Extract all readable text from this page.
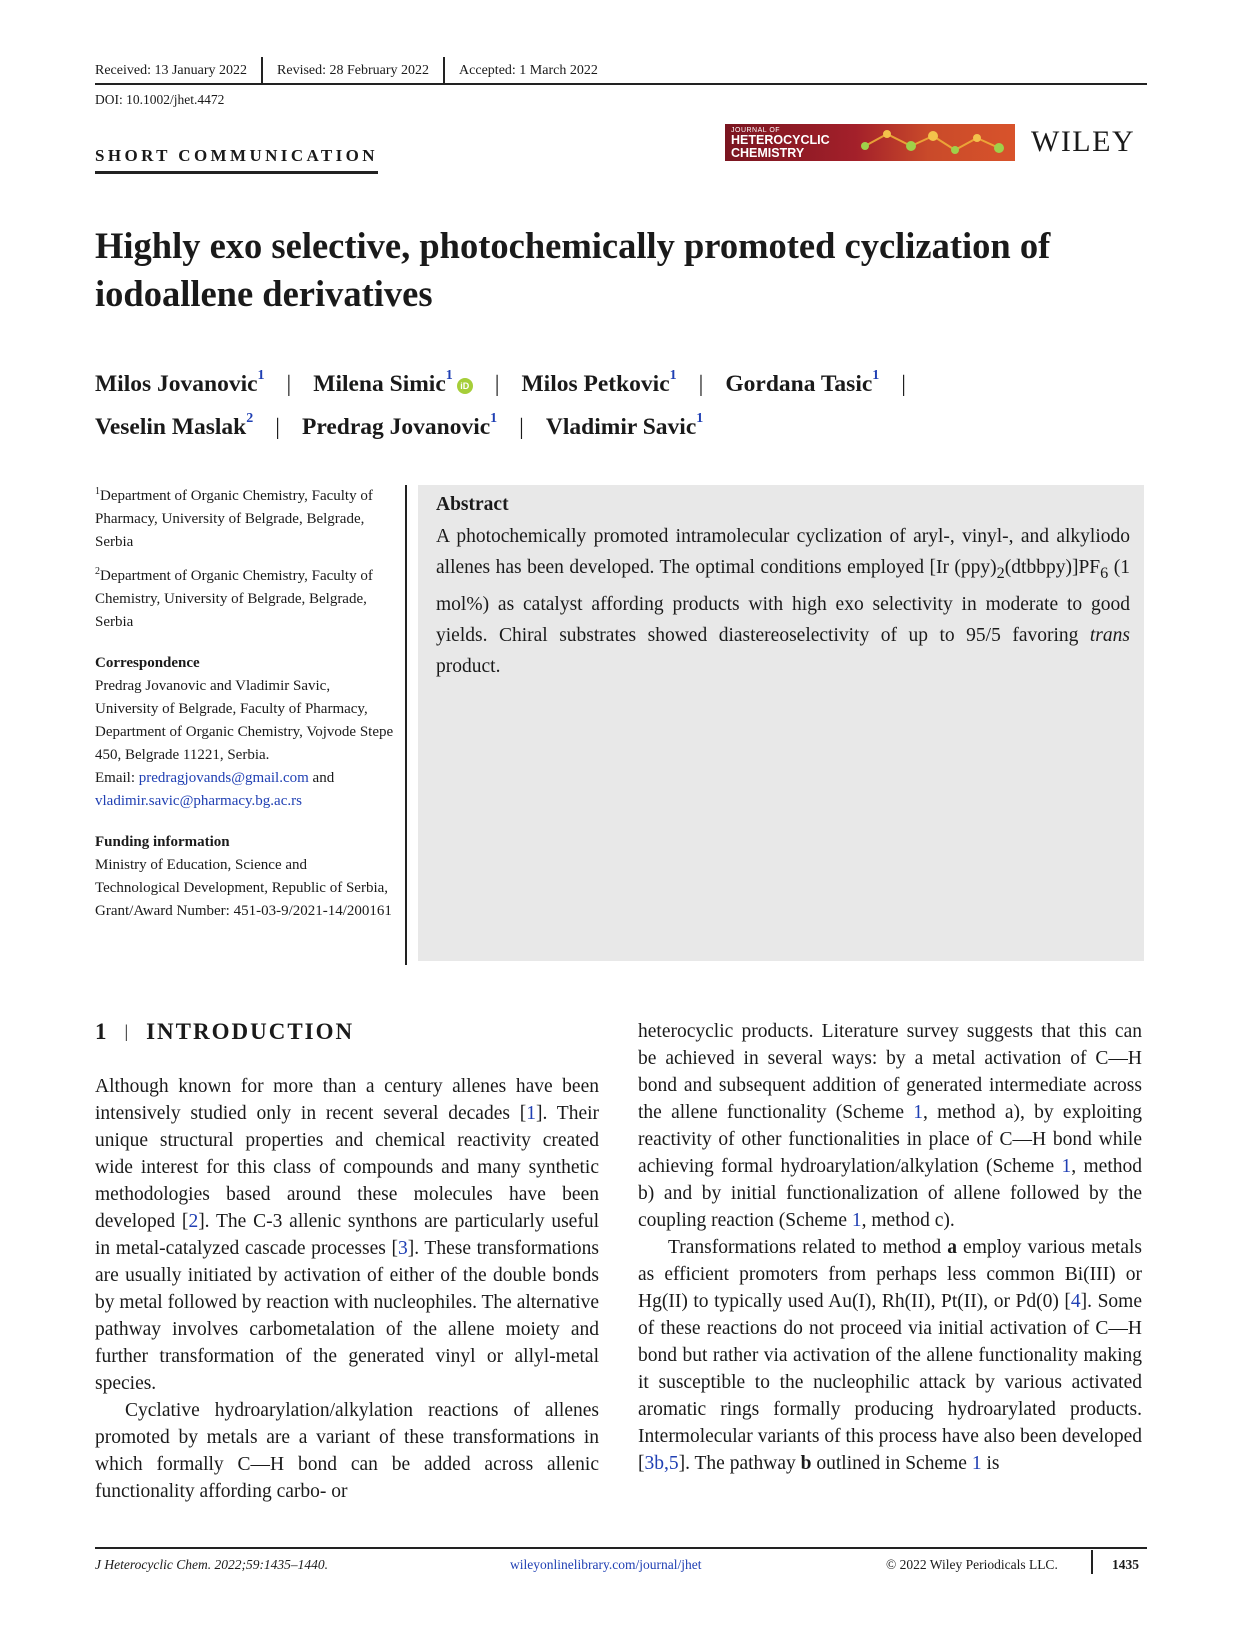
Received: 13 January 2022 Revised: 28 February 2022 Accepted: 1 March 2022
DOI: 10.1002/jhet.4472
SHORT COMMUNICATION
JOURNAL OF
HETEROCYCLIC
CHEMISTRY	WILEY
Highly exo selective, photochemically promoted cyclization of iodoallene derivatives
Milos Jovanovic$^1$ | Milena Simic$^1$iD | Milos Petkovic$^1$ | Gordana Tasic$^1$ |
Veselin Maslak$^2$ | Predrag Jovanovic$^1$ | Vladimir Savic$^1$
$^1$Department of Organic Chemistry, Faculty of Pharmacy, University of Belgrade, Belgrade, Serbia
$^2$Department of Organic Chemistry, Faculty of Chemistry, University of Belgrade, Belgrade, Serbia
Correspondence
Predrag Jovanovic and Vladimir Savic, University of Belgrade, Faculty of Pharmacy, Department of Organic Chemistry, Vojvode Stepe 450, Belgrade 11221, Serbia.
Email: predragjovands@gmail.com and
vladimir.savic@pharmacy.bg.ac.rs
Funding information
Ministry of Education, Science and Technological Development, Republic of Serbia, Grant/Award Number: 451-03-9/2021-14/200161
Abstract
A photochemically promoted intramolecular cyclization of aryl-, vinyl-, and alkyliodo allenes has been developed. The optimal conditions employed [Ir $(ppy)_2(dtbbpy)]PF_6$ (1 mol%) as catalyst affording products with high exo selectivity in moderate to good yields. Chiral substrates showed diastereoselectivity of up to 95/5 favoring trans product.
1 | INTRODUCTION

Although known for more than a century allenes have been intensively studied only in recent several decades [1]. Their unique structural properties and chemical reactivity created wide interest for this class of compounds and many synthetic methodologies based around these molecules have been developed [2]. The C-3 allenic synthons are particularly useful in metal-catalyzed cascade processes [3]. These transformations are usually initiated by activation of either of the double bonds by metal followed by reaction with nucleophiles. The alternative pathway involves carbometalation of the allene moiety and further transformation of the generated vinyl or allyl-metal species.

Cyclative hydroarylation/alkylation reactions of allenes promoted by metals are a variant of these transformations in which formally C—H bond can be added across allenic functionality affording carbo- or

heterocyclic products. Literature survey suggests that this can be achieved in several ways: by a metal activation of C—H bond and subsequent addition of generated intermediate across the allene functionality (Scheme 1, method a), by exploiting reactivity of other functionalities in place of C—H bond while achieving formal hydroarylation/alkylation (Scheme 1, method b) and by initial functionalization of allene followed by the coupling reaction (Scheme 1, method c).

Transformations related to method a employ various metals as efficient promoters from perhaps less common Bi(III) or Hg(II) to typically used Au(I), Rh(II), Pt(II), or Pd(0) [4]. Some of these reactions do not proceed via initial activation of C—H bond but rather via activation of the allene functionality making it susceptible to the nucleophilic attack by various activated aromatic rings formally producing hydroarylated products. Intermolecular variants of this process have also been developed [3b,5]. The pathway b outlined in Scheme 1 is

J Heterocyclic Chem. 2022;59:1435–1440.	wileyonlinelibrary.com/journal/jhet	© 2022 Wiley Periodicals LLC.	1435
